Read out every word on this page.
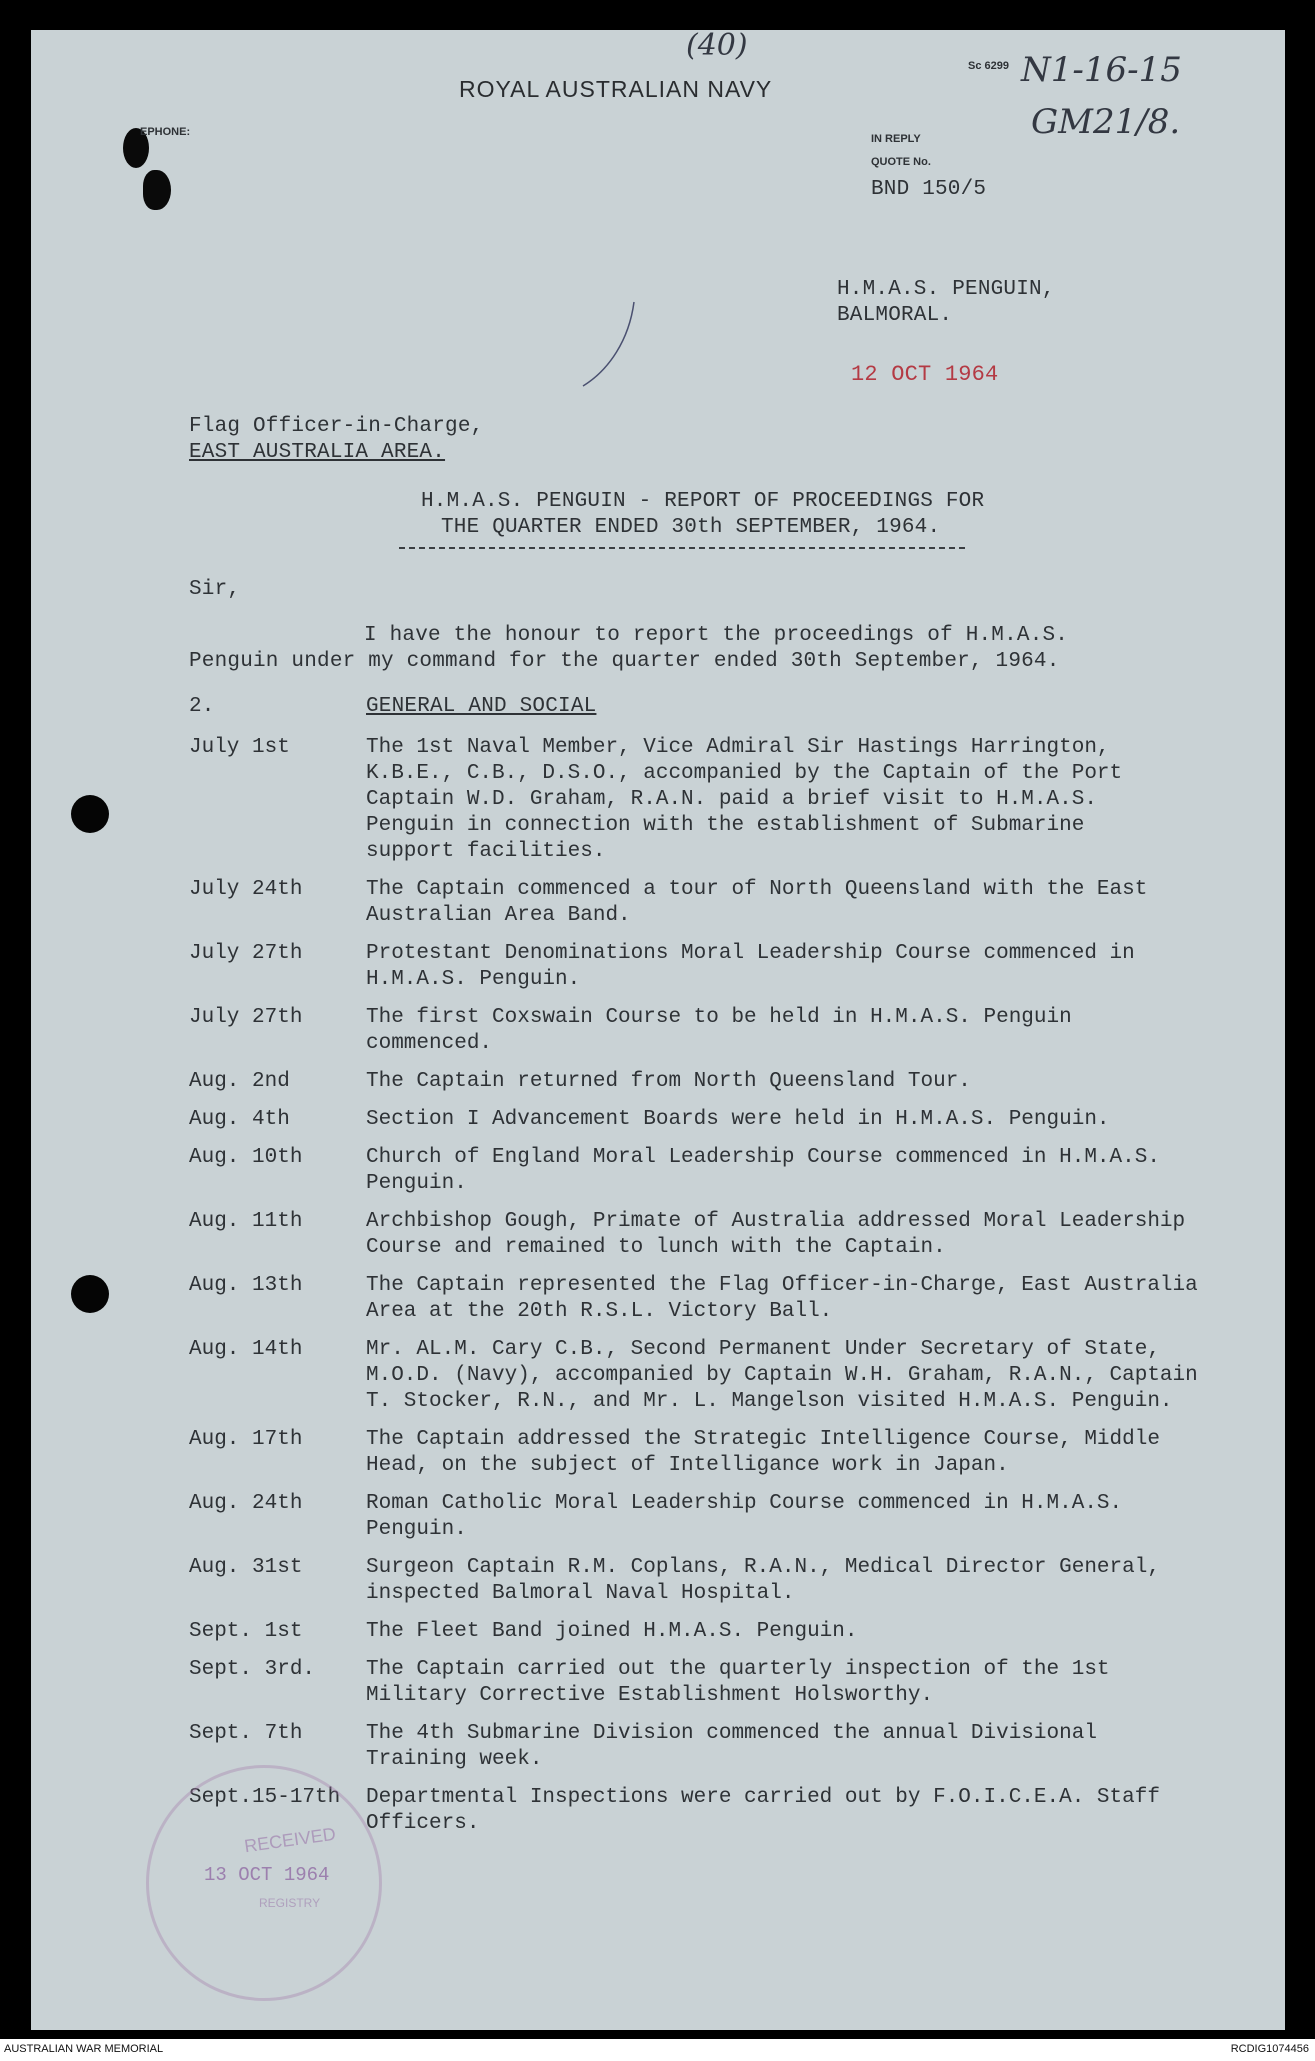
ROYAL AUSTRALIAN NAVY
EPHONE:
Sc 6299
(40)
N1-16-15
GM21/8.
IN REPLY
QUOTE No.
BND 150/5
H.M.A.S. PENGUIN,
BALMORAL.
12 OCT 1964
Flag Officer-in-Charge,
EAST AUSTRALIA AREA.
H.M.A.S. PENGUIN - REPORT OF PROCEEDINGS FOR
THE QUARTER ENDED 30th SEPTEMBER, 1964.
Sir,
I have the honour to report the proceedings of H.M.A.S.
Penguin under my command for the quarter ended 30th September, 1964.
2.	GENERAL AND SOCIAL
July 1st	The 1st Naval Member, Vice Admiral Sir Hastings Harrington,
K.B.E., C.B., D.S.O., accompanied by the Captain of the Port
Captain W.D. Graham, R.A.N. paid a brief visit to H.M.A.S.
Penguin in connection with the establishment of Submarine
support facilities.
July 24th	The Captain commenced a tour of North Queensland with the East
Australian Area Band.
July 27th	Protestant Denominations Moral Leadership Course commenced in
H.M.A.S. Penguin.
July 27th	The first Coxswain Course to be held in H.M.A.S. Penguin
commenced.
Aug. 2nd	The Captain returned from North Queensland Tour.
Aug. 4th	Section I Advancement Boards were held in H.M.A.S. Penguin.
Aug. 10th	Church of England Moral Leadership Course commenced in H.M.A.S.
Penguin.
Aug. 11th	Archbishop Gough, Primate of Australia addressed Moral Leadership
Course and remained to lunch with the Captain.
Aug. 13th	The Captain represented the Flag Officer-in-Charge, East Australia
Area at the 20th R.S.L. Victory Ball.
Aug. 14th	Mr. AL.M. Cary C.B., Second Permanent Under Secretary of State,
M.O.D. (Navy), accompanied by Captain W.H. Graham, R.A.N., Captain
T. Stocker, R.N., and Mr. L. Mangelson visited H.M.A.S. Penguin.
Aug. 17th	The Captain addressed the Strategic Intelligence Course, Middle
Head, on the subject of Intelligance work in Japan.
Aug. 24th	Roman Catholic Moral Leadership Course commenced in H.M.A.S.
Penguin.
Aug. 31st	Surgeon Captain R.M. Coplans, R.A.N., Medical Director General,
inspected Balmoral Naval Hospital.
Sept. 1st	The Fleet Band joined H.M.A.S. Penguin.
Sept. 3rd.	The Captain carried out the quarterly inspection of the 1st
Military Corrective Establishment Holsworthy.
Sept. 7th	The 4th Submarine Division commenced the annual Divisional
Training week.
Sept.15-17th	Departmental Inspections were carried out by F.O.I.C.E.A. Staff
Officers.
RECEIVED
13 OCT 1964
REGISTRY
AUSTRALIAN WAR MEMORIAL	RCDIG1074456
